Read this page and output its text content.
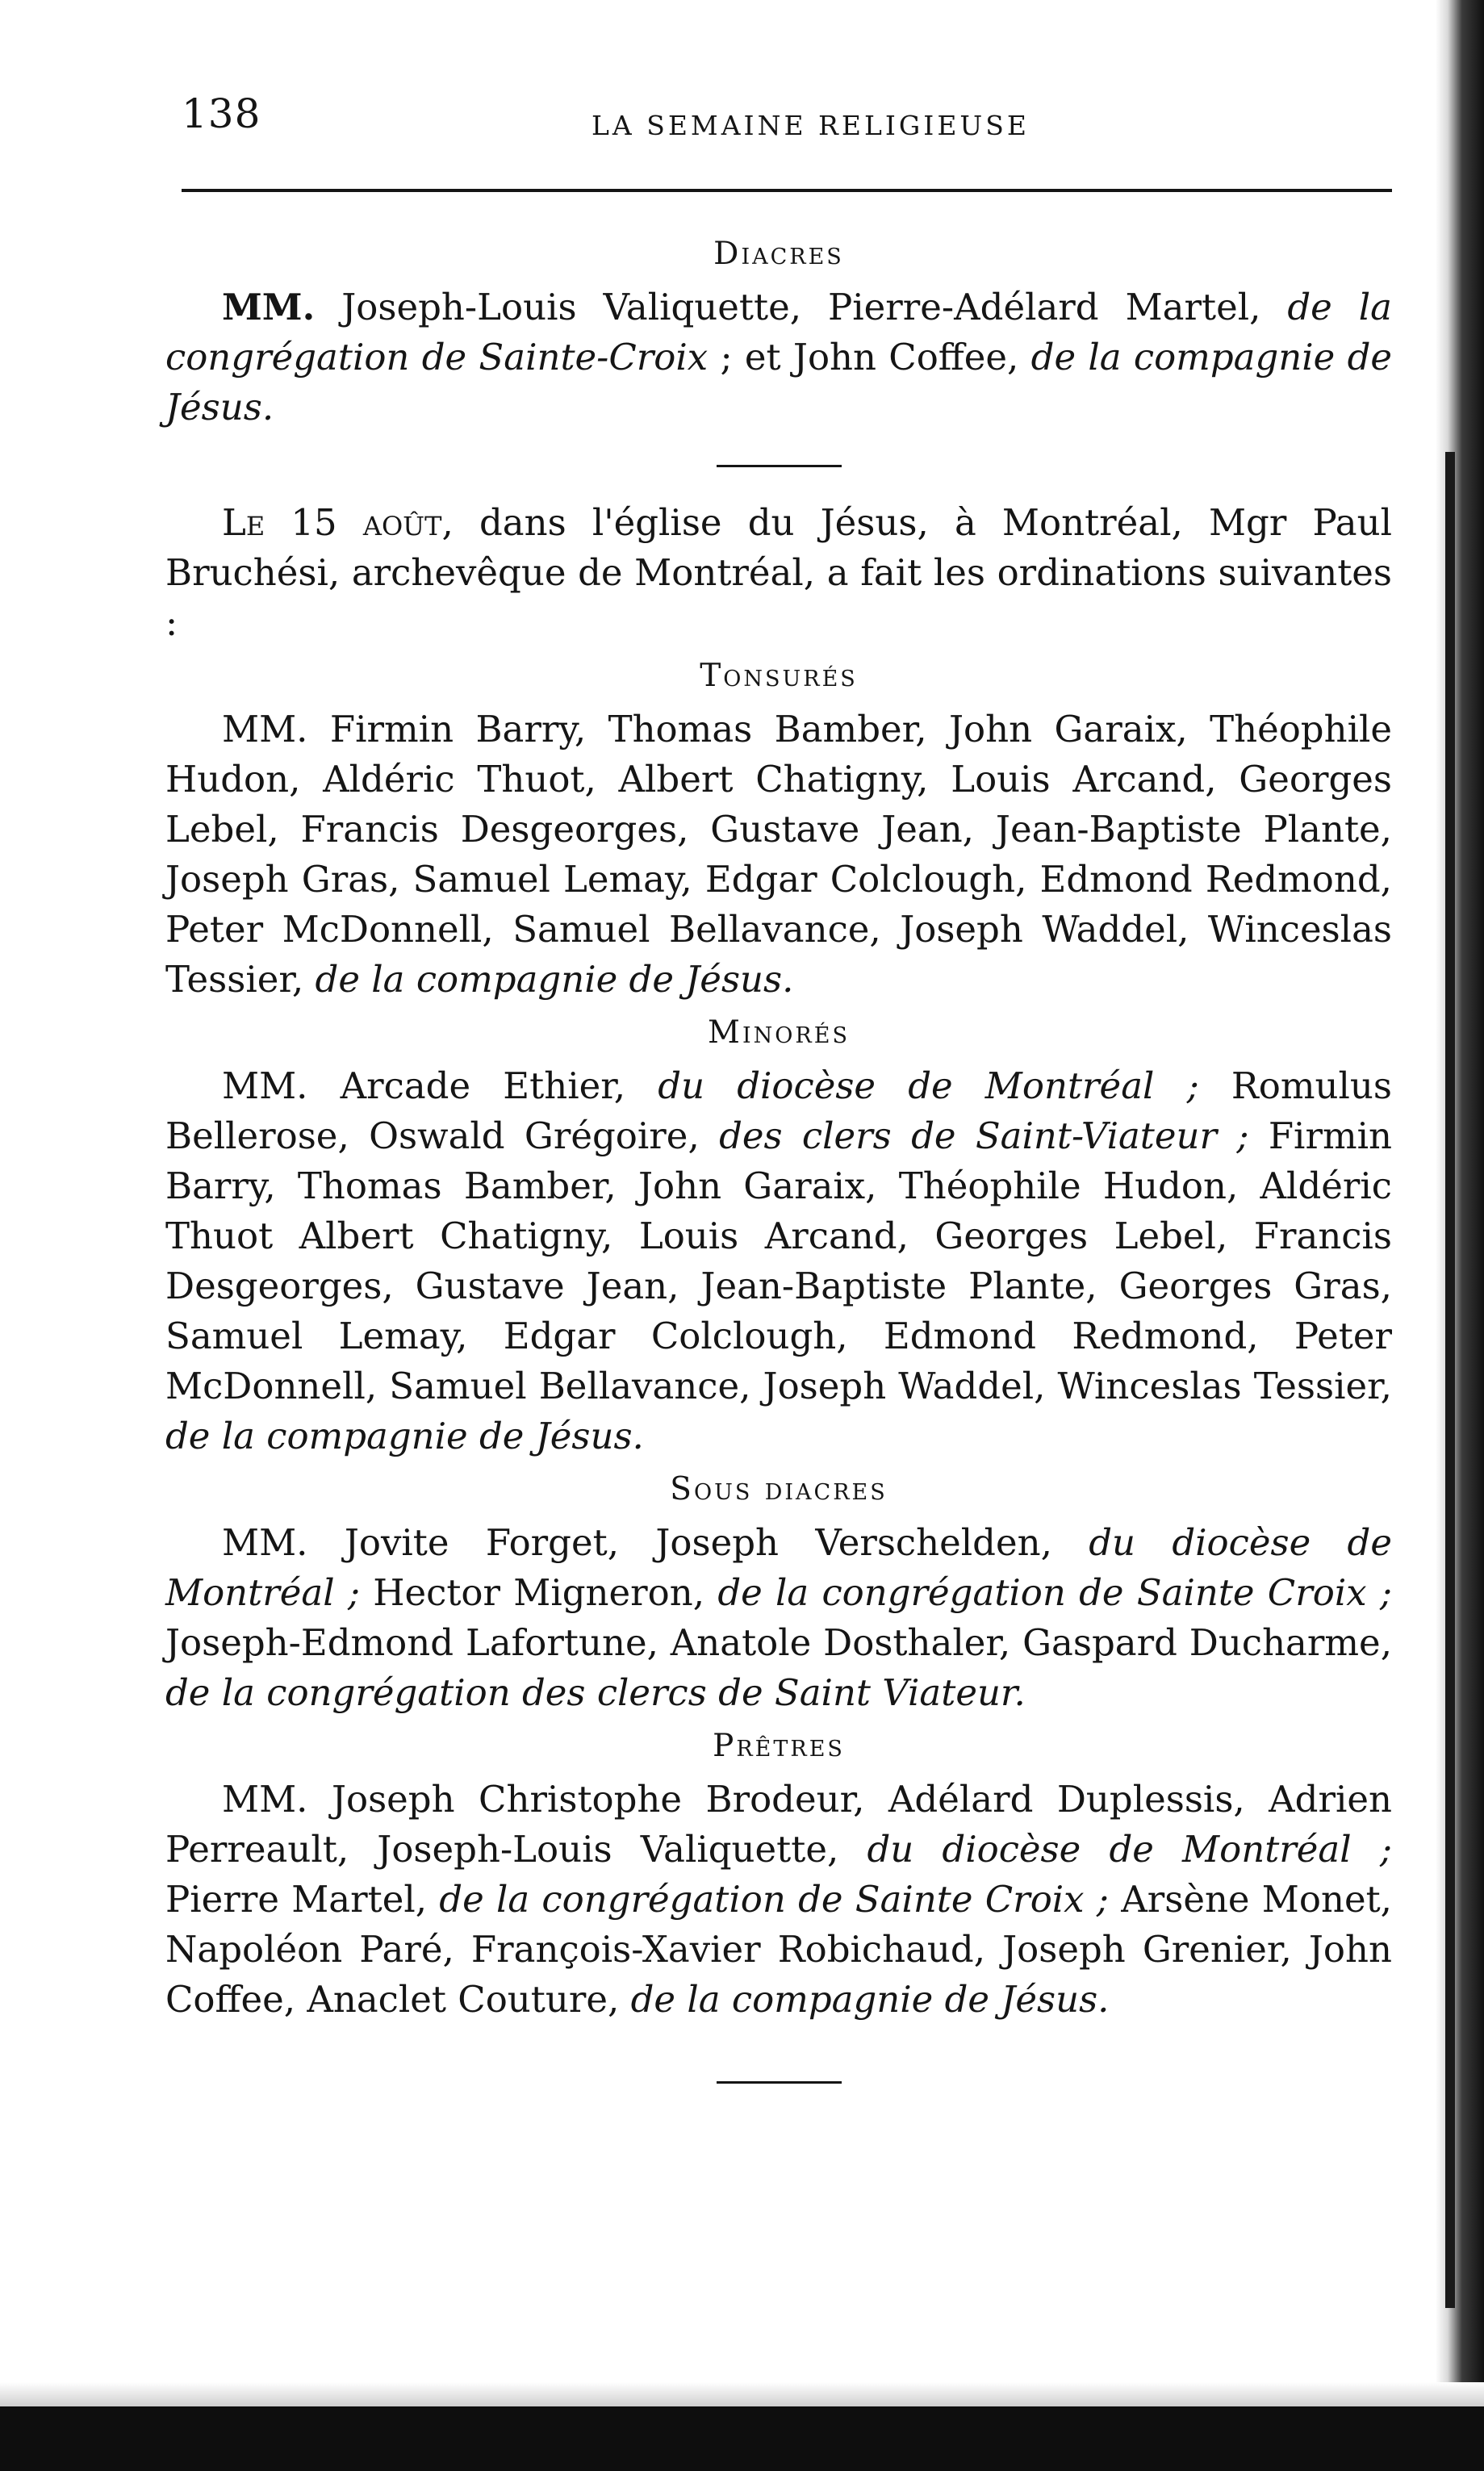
138	LA SEMAINE RELIGIEUSE
Diacres

MM. Joseph-Louis Valiquette, Pierre-Adélard Martel, de la congrégation de Sainte-Croix ; et John Coffee, de la compagnie de Jésus.

Le 15 août, dans l'église du Jésus, à Montréal, Mgr Paul Bruchési, archevêque de Montréal, a fait les ordinations suivantes :

Tonsurés

MM. Firmin Barry, Thomas Bamber, John Garaix, Théophile Hudon, Aldéric Thuot, Albert Chatigny, Louis Arcand, Georges Lebel, Francis Desgeorges, Gustave Jean, Jean-Baptiste Plante, Joseph Gras, Samuel Lemay, Edgar Colclough, Edmond Redmond, Peter McDonnell, Samuel Bellavance, Joseph Waddel, Winceslas Tessier, de la compagnie de Jésus.

Minorés

MM. Arcade Ethier, du diocèse de Montréal ; Romulus Bellerose, Oswald Grégoire, des clers de Saint-Viateur ; Firmin Barry, Thomas Bamber, John Garaix, Théophile Hudon, Aldéric Thuot Albert Chatigny, Louis Arcand, Georges Lebel, Francis Desgeorges, Gustave Jean, Jean-Baptiste Plante, Georges Gras, Samuel Lemay, Edgar Colclough, Edmond Redmond, Peter McDonnell, Samuel Bellavance, Joseph Waddel, Winceslas Tessier, de la compagnie de Jésus.

Sous diacres

MM. Jovite Forget, Joseph Verschelden, du diocèse de Montréal ; Hector Migneron, de la congrégation de Sainte Croix ; Joseph-Edmond Lafortune, Anatole Dosthaler, Gaspard Ducharme, de la congrégation des clercs de Saint Viateur.

Prêtres

MM. Joseph Christophe Brodeur, Adélard Duplessis, Adrien Perreault, Joseph-Louis Valiquette, du diocèse de Montréal ; Pierre Martel, de la congrégation de Sainte Croix ; Arsène Monet, Napoléon Paré, François-Xavier Robichaud, Joseph Grenier, John Coffee, Anaclet Couture, de la compagnie de Jésus.
